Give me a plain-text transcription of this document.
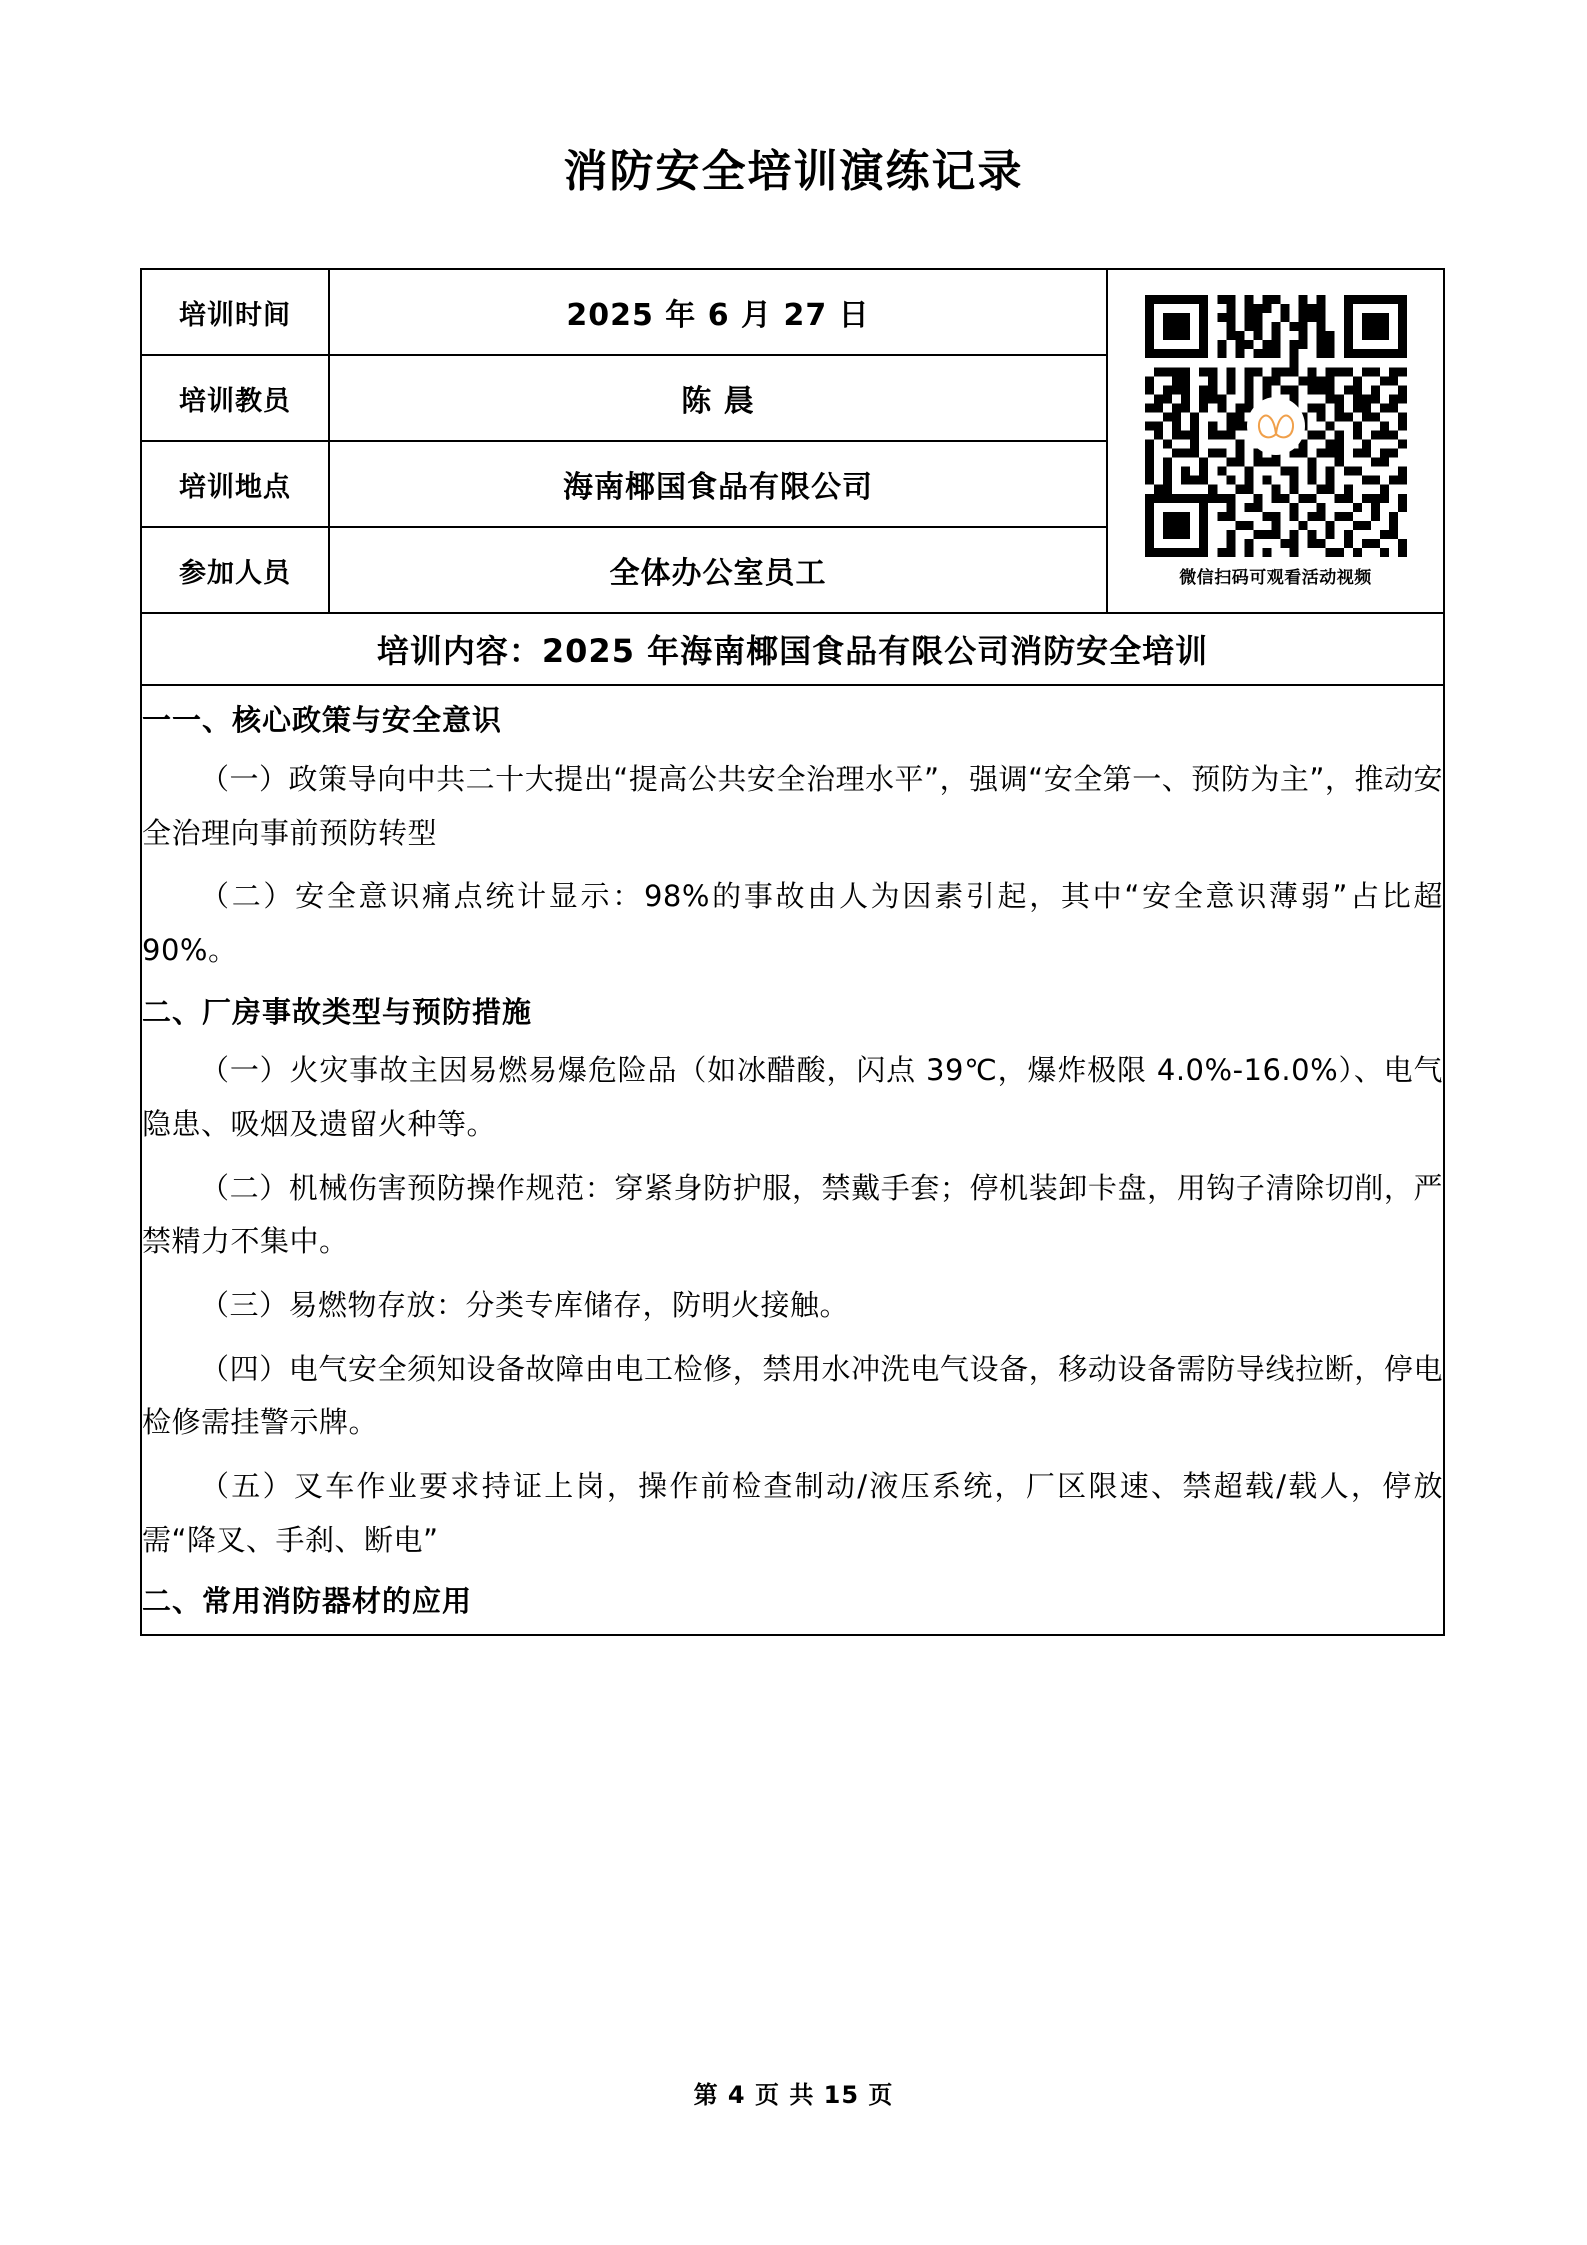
消防安全培训演练记录
培训时间	2025 年 6 月 27 日	微信扫码可观看活动视频

培训教员	陈 晨	
培训地点	海南椰国食品有限公司	
参加人员	全体办公室员工	
培训内容：2025 年海南椰国食品有限公司消防安全培训		

一一、核心政策与安全意识
（一）政策导向中共二十大提出“提高公共安全治理水平”，强调“安全第一、预防为主”，推动安全治理向事前预防转型
（二）安全意识痛点统计显示：98%的事故由人为因素引起，其中“安全意识薄弱”占比超 90%。
二、厂房事故类型与预防措施
（一）火灾事故主因易燃易爆危险品（如冰醋酸，闪点 39℃，爆炸极限 4.0%-16.0%）、电气隐患、吸烟及遗留火种等。
（二）机械伤害预防操作规范：穿紧身防护服，禁戴手套；停机装卸卡盘，用钩子清除切削，严禁精力不集中。
（三）易燃物存放：分类专库储存，防明火接触。
（四）电气安全须知设备故障由电工检修，禁用水冲洗电气设备，移动设备需防导线拉断，停电检修需挂警示牌。
（五）叉车作业要求持证上岗，操作前检查制动/液压系统，厂区限速、禁超载/载人，停放需“降叉、手刹、断电”
二、常用消防器材的应用
第 4 页 共 15 页
